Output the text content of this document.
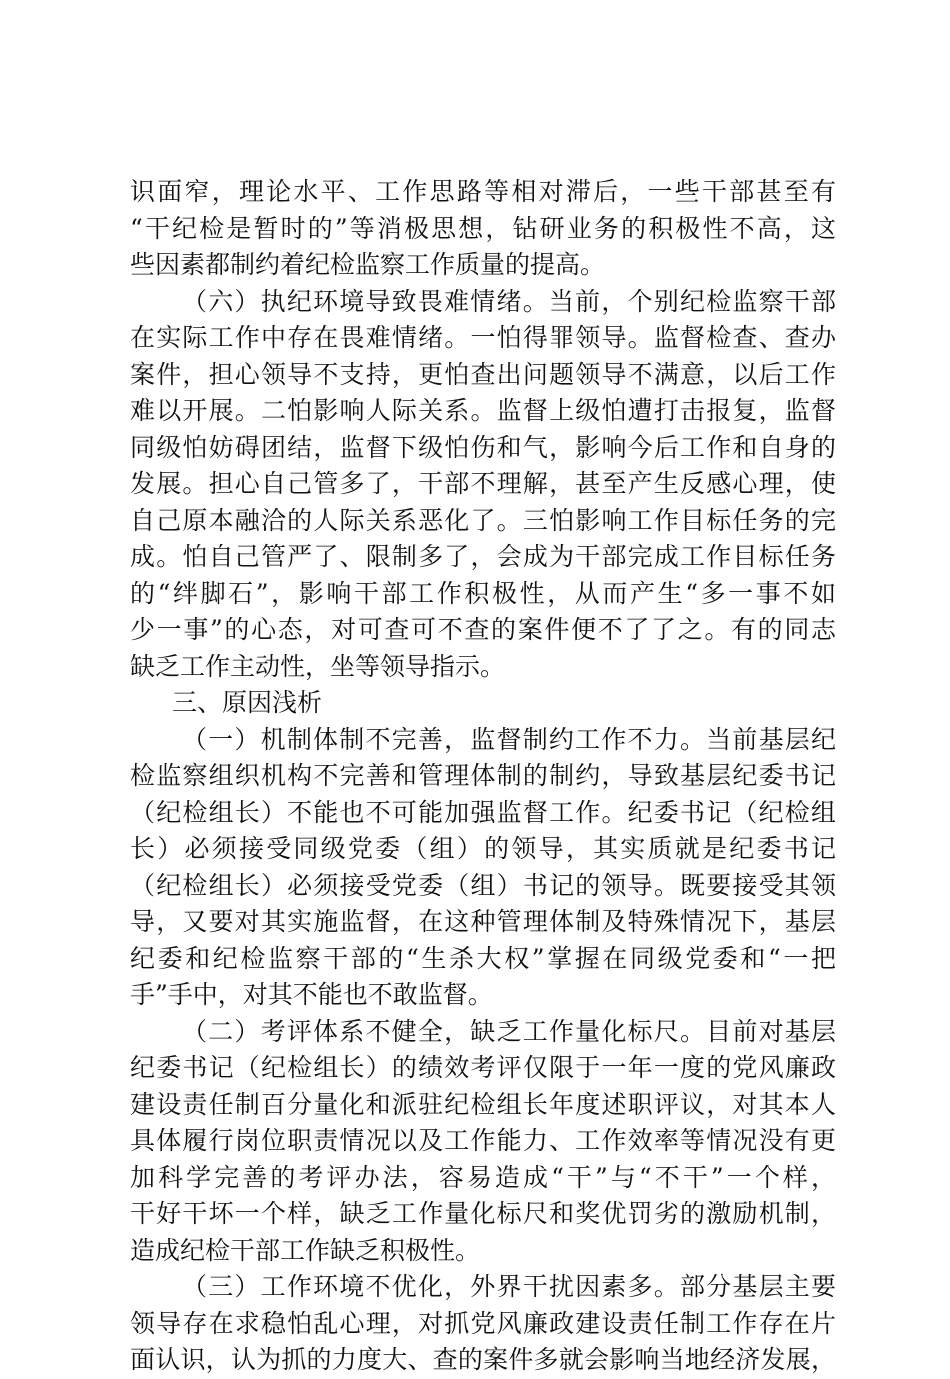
识面窄，理论水平、工作思路等相对滞后，一些干部甚至有
“干纪检是暂时的”等消极思想，钻研业务的积极性不高，这
些因素都制约着纪检监察工作质量的提高。
（六）执纪环境导致畏难情绪。当前，个别纪检监察干部
在实际工作中存在畏难情绪。一怕得罪领导。监督检查、查办
案件，担心领导不支持，更怕查出问题领导不满意，以后工作
难以开展。二怕影响人际关系。监督上级怕遭打击报复，监督
同级怕妨碍团结，监督下级怕伤和气，影响今后工作和自身的
发展。担心自己管多了，干部不理解，甚至产生反感心理，使
自己原本融洽的人际关系恶化了。三怕影响工作目标任务的完
成。怕自己管严了、限制多了，会成为干部完成工作目标任务
的“绊脚石”，影响干部工作积极性，从而产生“多一事不如
少一事”的心态，对可查可不查的案件便不了了之。有的同志
缺乏工作主动性，坐等领导指示。
三、原因浅析
（一）机制体制不完善，监督制约工作不力。当前基层纪
检监察组织机构不完善和管理体制的制约，导致基层纪委书记
（纪检组长）不能也不可能加强监督工作。纪委书记（纪检组
长）必须接受同级党委（组）的领导，其实质就是纪委书记
（纪检组长）必须接受党委（组）书记的领导。既要接受其领
导，又要对其实施监督，在这种管理体制及特殊情况下，基层
纪委和纪检监察干部的“生杀大权”掌握在同级党委和“一把
手”手中，对其不能也不敢监督。
（二）考评体系不健全，缺乏工作量化标尺。目前对基层
纪委书记（纪检组长）的绩效考评仅限于一年一度的党风廉政
建设责任制百分量化和派驻纪检组长年度述职评议，对其本人
具体履行岗位职责情况以及工作能力、工作效率等情况没有更
加科学完善的考评办法，容易造成“干”与“不干”一个样，
干好干坏一个样，缺乏工作量化标尺和奖优罚劣的激励机制，
造成纪检干部工作缺乏积极性。
（三）工作环境不优化，外界干扰因素多。部分基层主要
领导存在求稳怕乱心理，对抓党风廉政建设责任制工作存在片
面认识，认为抓的力度大、查的案件多就会影响当地经济发展，
